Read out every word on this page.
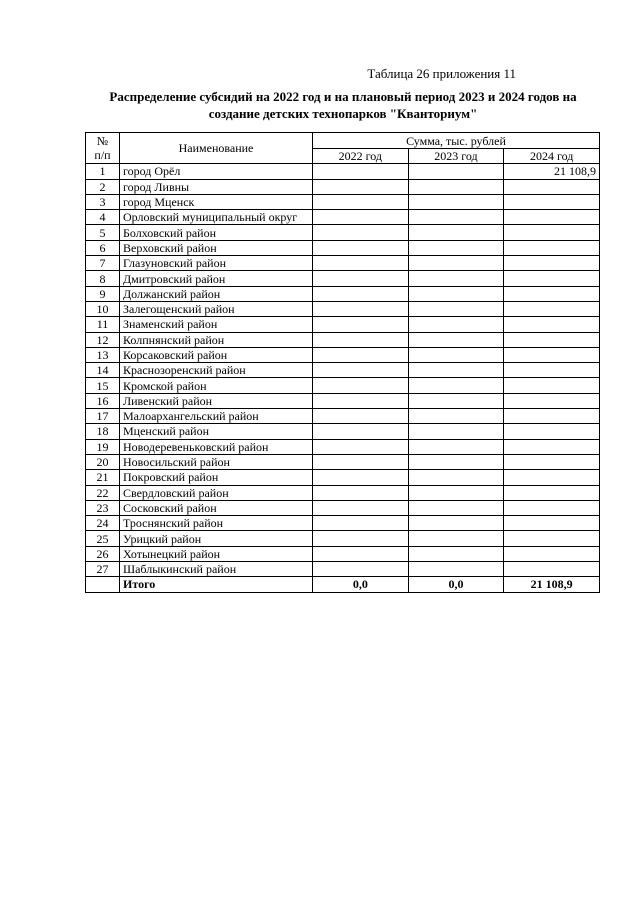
Таблица 26 приложения 11
Распределение субсидий на 2022 год и на плановый период 2023 и 2024 годов на
создание детских технопарков "Кванториум"
№
п/п	Наименование	Сумма, тыс. рублей		
		2022 год	2023 год	2024 год
1	город Орёл			21 108,9
2	город Ливны			
3	город Мценск			
4	Орловский муниципальный округ			
5	Болховский район			
6	Верховский район			
7	Глазуновский район			
8	Дмитровский район			
9	Должанский район			
10	Залегощенский район			
11	Знаменский район			
12	Колпнянский район			
13	Корсаковский район			
14	Краснозоренский район			
15	Кромской район			
16	Ливенский район			
17	Малоархангельский район			
18	Мценский район			
19	Новодеревеньковский район			
20	Новосильский район			
21	Покровский район			
22	Свердловский район			
23	Сосковский район			
24	Троснянский район			
25	Урицкий район			
26	Хотынецкий район			
27	Шаблыкинский район			
	Итого	0,0	0,0	21 108,9
